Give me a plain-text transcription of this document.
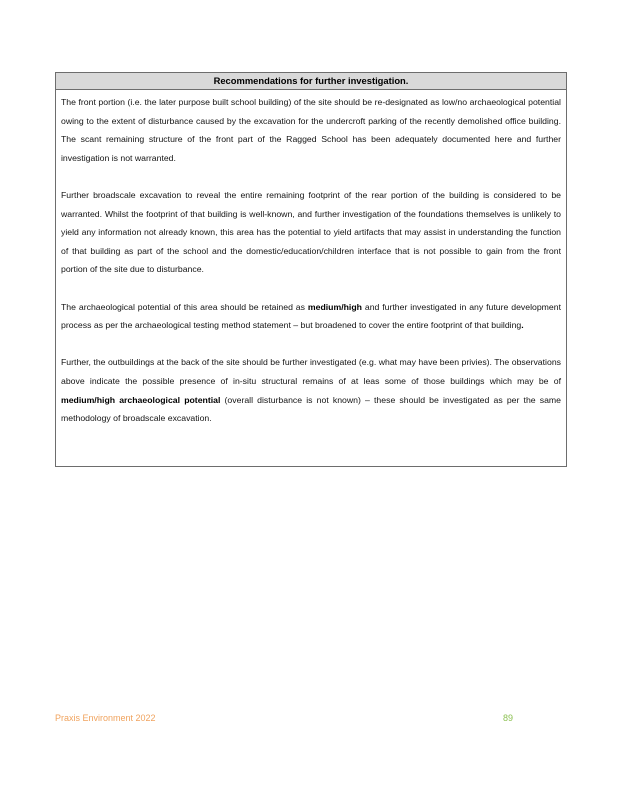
Recommendations for further investigation.

The front portion (i.e. the later purpose built school building) of the site should be re-designated as low/no archaeological potential owing to the extent of disturbance caused by the excavation for the undercroft parking of the recently demolished office building. The scant remaining structure of the front part of the Ragged School has been adequately documented here and further investigation is not warranted.

Further broadscale excavation to reveal the entire remaining footprint of the rear portion of the building is considered to be warranted. Whilst the footprint of that building is well-known, and further investigation of the foundations themselves is unlikely to yield any information not already known, this area has the potential to yield artifacts that may assist in understanding the function of that building as part of the school and the domestic/education/children interface that is not possible to gain from the front portion of the site due to disturbance.

The archaeological potential of this area should be retained as medium/high and further investigated in any future development process as per the archaeological testing method statement – but broadened to cover the entire footprint of that building.

Further, the outbuildings at the back of the site should be further investigated (e.g. what may have been privies). The observations above indicate the possible presence of in-situ structural remains of at leas some of those buildings which may be of medium/high archaeological potential (overall disturbance is not known) – these should be investigated as per the same methodology of broadscale excavation.

Praxis Environment 2022	89
